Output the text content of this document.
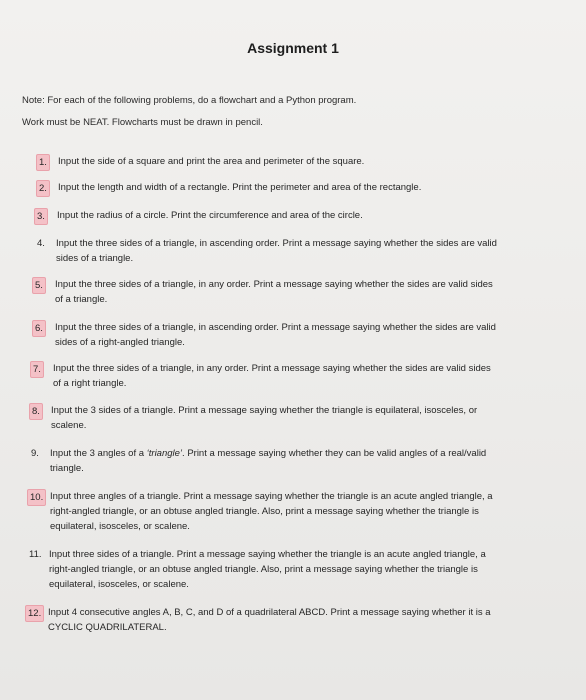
Assignment 1
Note: For each of the following problems, do a flowchart and a Python program.
Work must be NEAT. Flowcharts must be drawn in pencil.
1.	Input the side of a square and print the area and perimeter of the square.
2.	Input the length and width of a rectangle. Print the perimeter and area of the rectangle.
3.	Input the radius of a circle. Print the circumference and area of the circle.
4. Input the three sides of a triangle, in ascending order. Print a message saying whether the sides are valid
sides of a triangle.
5.	Input the three sides of a triangle, in any order. Print a message saying whether the sides are valid sides
of a triangle.
6.	Input the three sides of a triangle, in ascending order. Print a message saying whether the sides are valid
sides of a right-angled triangle.
7.	Input the three sides of a triangle, in any order. Print a message saying whether the sides are valid sides
of a right triangle.
8.	Input the 3 sides of a triangle. Print a message saying whether the triangle is equilateral, isosceles, or
scalene.
9. Input the 3 angles of a ‘triangle’. Print a message saying whether they can be valid angles of a real/valid
triangle.
10. Input three angles of a triangle. Print a message saying whether the triangle is an acute angled triangle, a
right-angled triangle, or an obtuse angled triangle. Also, print a message saying whether the triangle is
equilateral, isosceles, or scalene.
11. Input three sides of a triangle. Print a message saying whether the triangle is an acute angled triangle, a
right-angled triangle, or an obtuse angled triangle. Also, print a message saying whether the triangle is
equilateral, isosceles, or scalene.
12. Input 4 consecutive angles A, B, C, and D of a quadrilateral ABCD. Print a message saying whether it is a
CYCLIC QUADRILATERAL.
